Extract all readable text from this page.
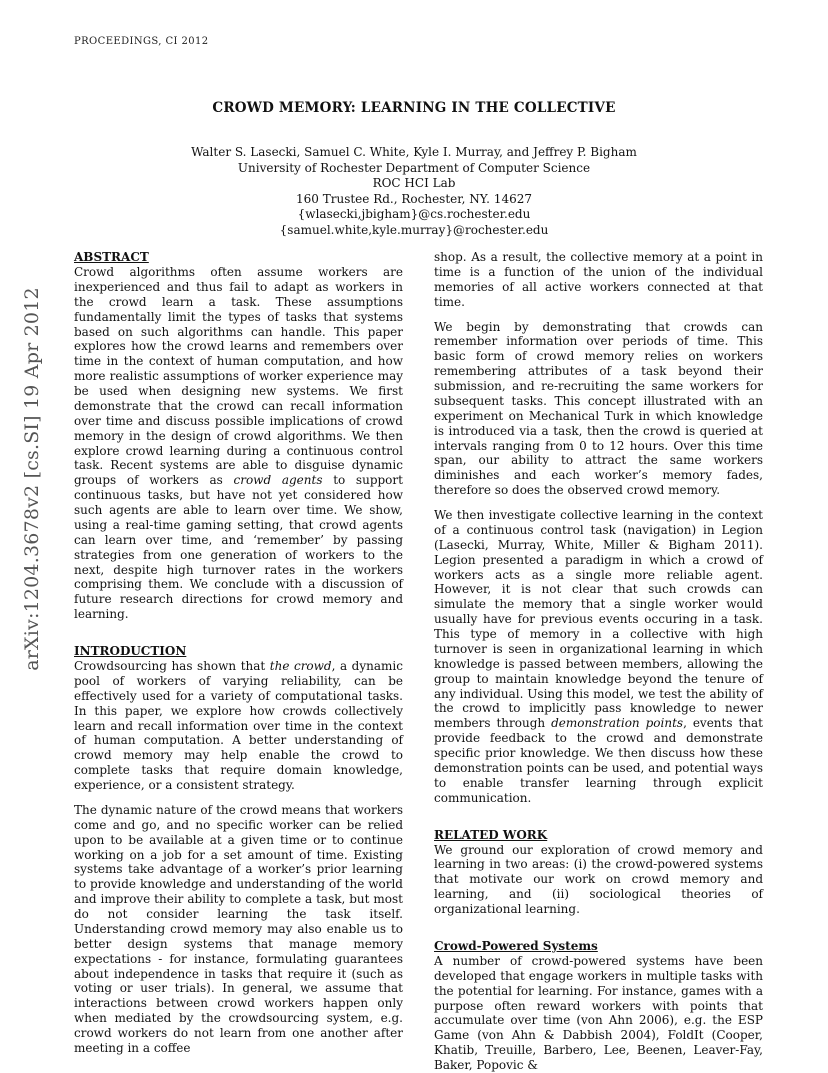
PROCEEDINGS, CI 2012
arXiv:1204.3678v2 [cs.SI] 19 Apr 2012
CROWD MEMORY: LEARNING IN THE COLLECTIVE
Walter S. Lasecki, Samuel C. White, Kyle I. Murray, and Jeffrey P. Bigham
University of Rochester Department of Computer Science
ROC HCI Lab
160 Trustee Rd., Rochester, NY. 14627
{wlasecki,jbigham}@cs.rochester.edu
{samuel.white,kyle.murray}@rochester.edu
ABSTRACT

Crowd algorithms often assume workers are inexperienced and thus fail to adapt as workers in the crowd learn a task. These assumptions fundamentally limit the types of tasks that systems based on such algorithms can handle. This paper explores how the crowd learns and remembers over time in the context of human computation, and how more realistic assumptions of worker experience may be used when designing new systems. We first demonstrate that the crowd can recall information over time and discuss possible implications of crowd memory in the design of crowd algorithms. We then explore crowd learning during a continuous control task. Recent systems are able to disguise dynamic groups of workers as crowd agents to support continuous tasks, but have not yet considered how such agents are able to learn over time. We show, using a real-time gaming setting, that crowd agents can learn over time, and ‘remember’ by passing strategies from one generation of workers to the next, despite high turnover rates in the workers comprising them. We conclude with a discussion of future research directions for crowd memory and learning.

INTRODUCTION

Crowdsourcing has shown that the crowd, a dynamic pool of workers of varying reliability, can be effectively used for a variety of computational tasks. In this paper, we explore how crowds collectively learn and recall information over time in the context of human computation. A better understanding of crowd memory may help enable the crowd to complete tasks that require domain knowledge, experience, or a consistent strategy.

The dynamic nature of the crowd means that workers come and go, and no specific worker can be relied upon to be available at a given time or to continue working on a job for a set amount of time. Existing systems take advantage of a worker’s prior learning to provide knowledge and understanding of the world and improve their ability to complete a task, but most do not consider learning the task itself. Understanding crowd memory may also enable us to better design systems that manage memory expectations - for instance, formulating guarantees about independence in tasks that require it (such as voting or user trials). In general, we assume that interactions between crowd workers happen only when mediated by the crowdsourcing system, e.g. crowd workers do not learn from one another after meeting in a coffee

shop. As a result, the collective memory at a point in time is a function of the union of the individual memories of all active workers connected at that time.

We begin by demonstrating that crowds can remember information over periods of time. This basic form of crowd memory relies on workers remembering attributes of a task beyond their submission, and re-recruiting the same workers for subsequent tasks. This concept illustrated with an experiment on Mechanical Turk in which knowledge is introduced via a task, then the crowd is queried at intervals ranging from 0 to 12 hours. Over this time span, our ability to attract the same workers diminishes and each worker’s memory fades, therefore so does the observed crowd memory.

We then investigate collective learning in the context of a continuous control task (navigation) in Legion (Lasecki, Murray, White, Miller & Bigham 2011). Legion presented a paradigm in which a crowd of workers acts as a single more reliable agent. However, it is not clear that such crowds can simulate the memory that a single worker would usually have for previous events occuring in a task. This type of memory in a collective with high turnover is seen in organizational learning in which knowledge is passed between members, allowing the group to maintain knowledge beyond the tenure of any individual. Using this model, we test the ability of the crowd to implicitly pass knowledge to newer members through demonstration points, events that provide feedback to the crowd and demonstrate specific prior knowledge. We then discuss how these demonstration points can be used, and potential ways to enable transfer learning through explicit communication.

RELATED WORK

We ground our exploration of crowd memory and learning in two areas: (i) the crowd-powered systems that motivate our work on crowd memory and learning, and (ii) sociological theories of organizational learning.

Crowd-Powered Systems

A number of crowd-powered systems have been developed that engage workers in multiple tasks with the potential for learning. For instance, games with a purpose often reward workers with points that accumulate over time (von Ahn 2006), e.g. the ESP Game (von Ahn & Dabbish 2004), FoldIt (Cooper, Khatib, Treuille, Barbero, Lee, Beenen, Leaver-Fay, Baker, Popovic &
